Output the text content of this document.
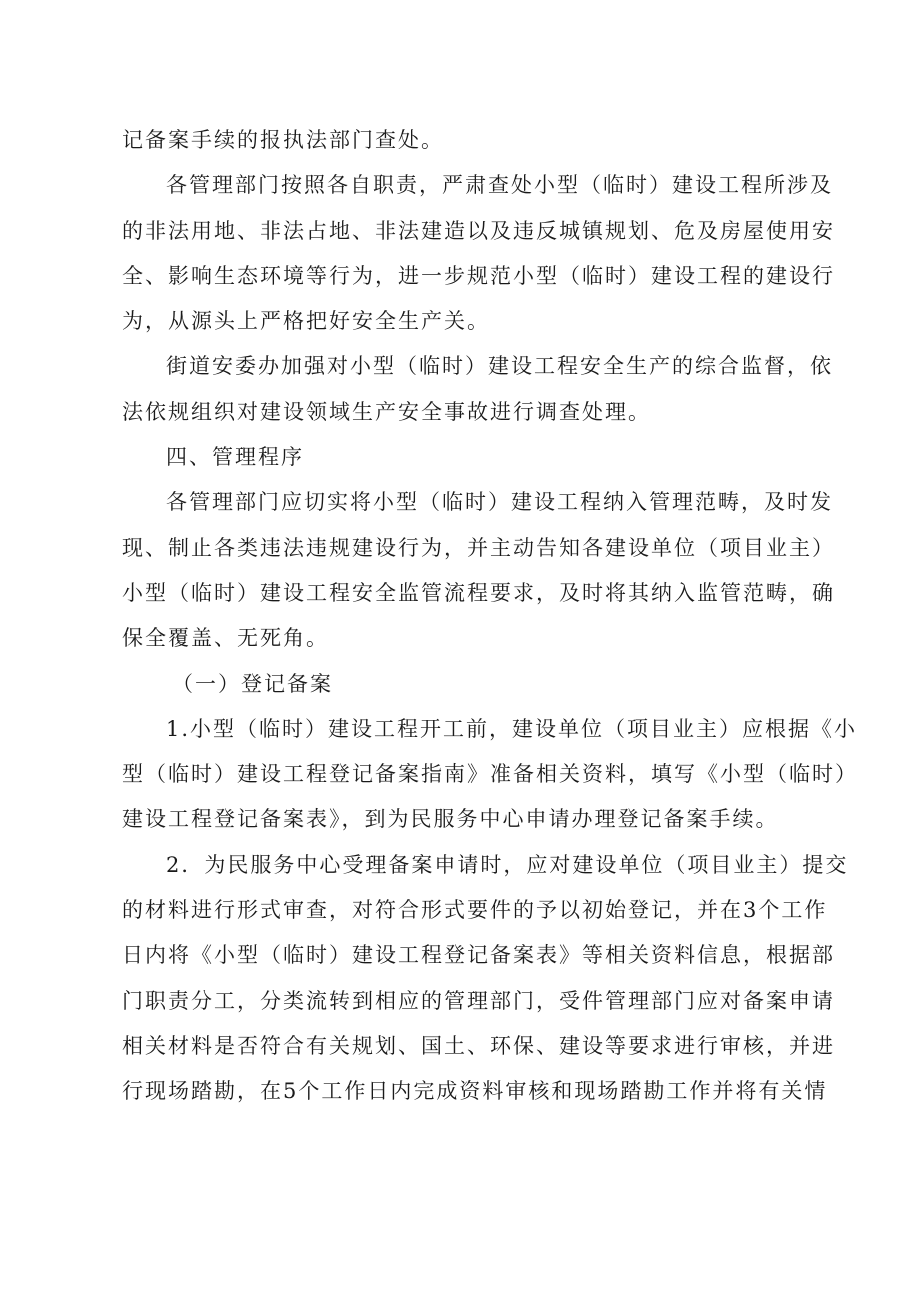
记备案手续的报执法部门查处。
各管理部门按照各自职责，严肃查处小型（临时）建设工程所涉及
的非法用地、非法占地、非法建造以及违反城镇规划、危及房屋使用安
全、影响生态环境等行为，进一步规范小型（临时）建设工程的建设行
为，从源头上严格把好安全生产关。
街道安委办加强对小型（临时）建设工程安全生产的综合监督，依
法依规组织对建设领域生产安全事故进行调查处理。
四、管理程序
各管理部门应切实将小型（临时）建设工程纳入管理范畴，及时发
现、制止各类违法违规建设行为，并主动告知各建设单位（项目业主）
小型（临时）建设工程安全监管流程要求，及时将其纳入监管范畴，确
保全覆盖、无死角。
（一）登记备案
1.小型（临时）建设工程开工前，建设单位（项目业主）应根据《小
型（临时）建设工程登记备案指南》准备相关资料，填写《小型（临时）
建设工程登记备案表》，到为民服务中心申请办理登记备案手续。
2．为民服务中心受理备案申请时，应对建设单位（项目业主）提交
的材料进行形式审查，对符合形式要件的予以初始登记，并在3个工作
日内将《小型（临时）建设工程登记备案表》等相关资料信息，根据部
门职责分工，分类流转到相应的管理部门，受件管理部门应对备案申请
相关材料是否符合有关规划、国土、环保、建设等要求进行审核，并进
行现场踏勘，在5个工作日内完成资料审核和现场踏勘工作并将有关情
